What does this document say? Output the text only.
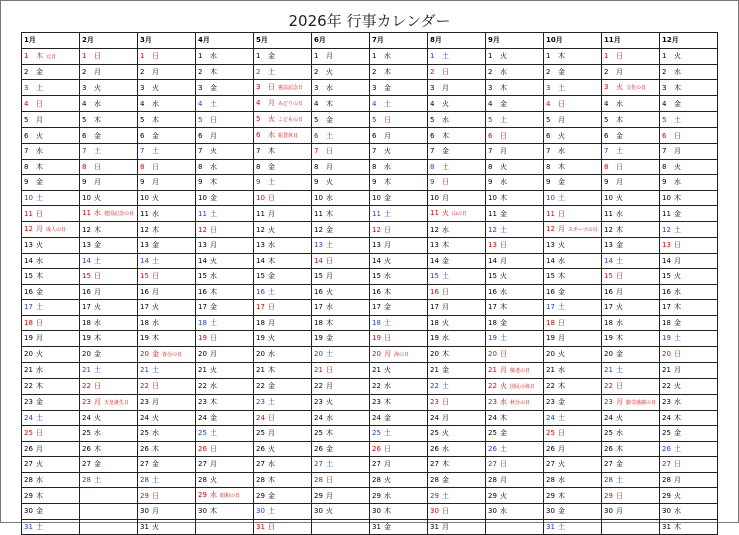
2026年 行事カレンダー
1月	2月	3月	4月	5月	6月	7月	8月	9月	10月	11月	12月
1 木 元日	1 日	1 日	1 水	1 金	1 月	1 水	1 土	1 火	1 木	1 日	1 火
2 金	2 月	2 月	2 木	2 土	2 火	2 木	2 日	2 水	2 金	2 月	2 水
3 土	3 火	3 火	3 金	3 日 憲法記念日	3 水	3 金	3 月	3 木	3 土	3 火 文化の日	3 木
4 日	4 水	4 水	4 土	4 月 みどりの日	4 木	4 土	4 火	4 金	4 日	4 水	4 金
5 月	5 木	5 木	5 日	5 火 こどもの日	5 金	5 日	5 水	5 土	5 月	5 木	5 土
6 火	6 金	6 金	6 月	6 水 振替休日	6 土	6 月	6 木	6 日	6 火	6 金	6 日
7 水	7 土	7 土	7 火	7 木	7 日	7 火	7 金	7 月	7 水	7 土	7 月
8 木	8 日	8 日	8 水	8 金	8 月	8 水	8 土	8 火	8 木	8 日	8 火
9 金	9 月	9 月	9 木	9 土	9 火	9 木	9 日	9 水	9 金	9 月	9 水
10 土	10 火	10 火	10 金	10 日	10 水	10 金	10 月	10 木	10 土	10 火	10 木
11 日	11 水 建国記念の日	11 水	11 土	11 月	11 木	11 土	11 火 山の日	11 金	11 日	11 水	11 金
12 月 成人の日	12 木	12 木	12 日	12 火	12 金	12 日	12 水	12 土	12 月 スポーツの日	12 木	12 土
13 火	13 金	13 金	13 月	13 水	13 土	13 月	13 木	13 日	13 火	13 金	13 日
14 水	14 土	14 土	14 火	14 木	14 日	14 火	14 金	14 月	14 水	14 土	14 月
15 木	15 日	15 日	15 水	15 金	15 月	15 水	15 土	15 火	15 木	15 日	15 火
16 金	16 月	16 月	16 木	16 土	16 火	16 木	16 日	16 水	16 金	16 月	16 水
17 土	17 火	17 火	17 金	17 日	17 水	17 金	17 月	17 木	17 土	17 火	17 木
18 日	18 水	18 水	18 土	18 月	18 木	18 土	18 火	18 金	18 日	18 水	18 金
19 月	19 木	19 木	19 日	19 火	19 金	19 日	19 水	19 土	19 月	19 木	19 土
20 火	20 金	20 金 春分の日	20 月	20 水	20 土	20 月 海の日	20 木	20 日	20 火	20 金	20 日
21 水	21 土	21 土	21 火	21 木	21 日	21 火	21 金	21 月 敬老の日	21 水	21 土	21 月
22 木	22 日	22 日	22 水	22 金	22 月	22 水	22 土	22 火 国民の休日	22 木	22 日	22 火
23 金	23 月 天皇誕生日	23 月	23 木	23 土	23 火	23 木	23 日	23 水 秋分の日	23 金	23 月 勤労感謝の日	23 水
24 土	24 火	24 火	24 金	24 日	24 水	24 金	24 月	24 木	24 土	24 火	24 木
25 日	25 水	25 水	25 土	25 月	25 木	25 土	25 火	25 金	25 日	25 水	25 金
26 月	26 木	26 木	26 日	26 火	26 金	26 日	26 水	26 土	26 月	26 木	26 土
27 火	27 金	27 金	27 月	27 水	27 土	27 月	27 木	27 日	27 火	27 金	27 日
28 水	28 土	28 土	28 火	28 木	28 日	28 火	28 金	28 月	28 水	28 土	28 月
29 木		29 日	29 水 昭和の日	29 金	29 月	29 水	29 土	29 火	29 木	29 日	29 火
30 金		30 月	30 木	30 土	30 火	30 木	30 日	30 水	30 金	30 月	30 水
31 土		31 火		31 日		31 金	31 月		31 土		31 木
